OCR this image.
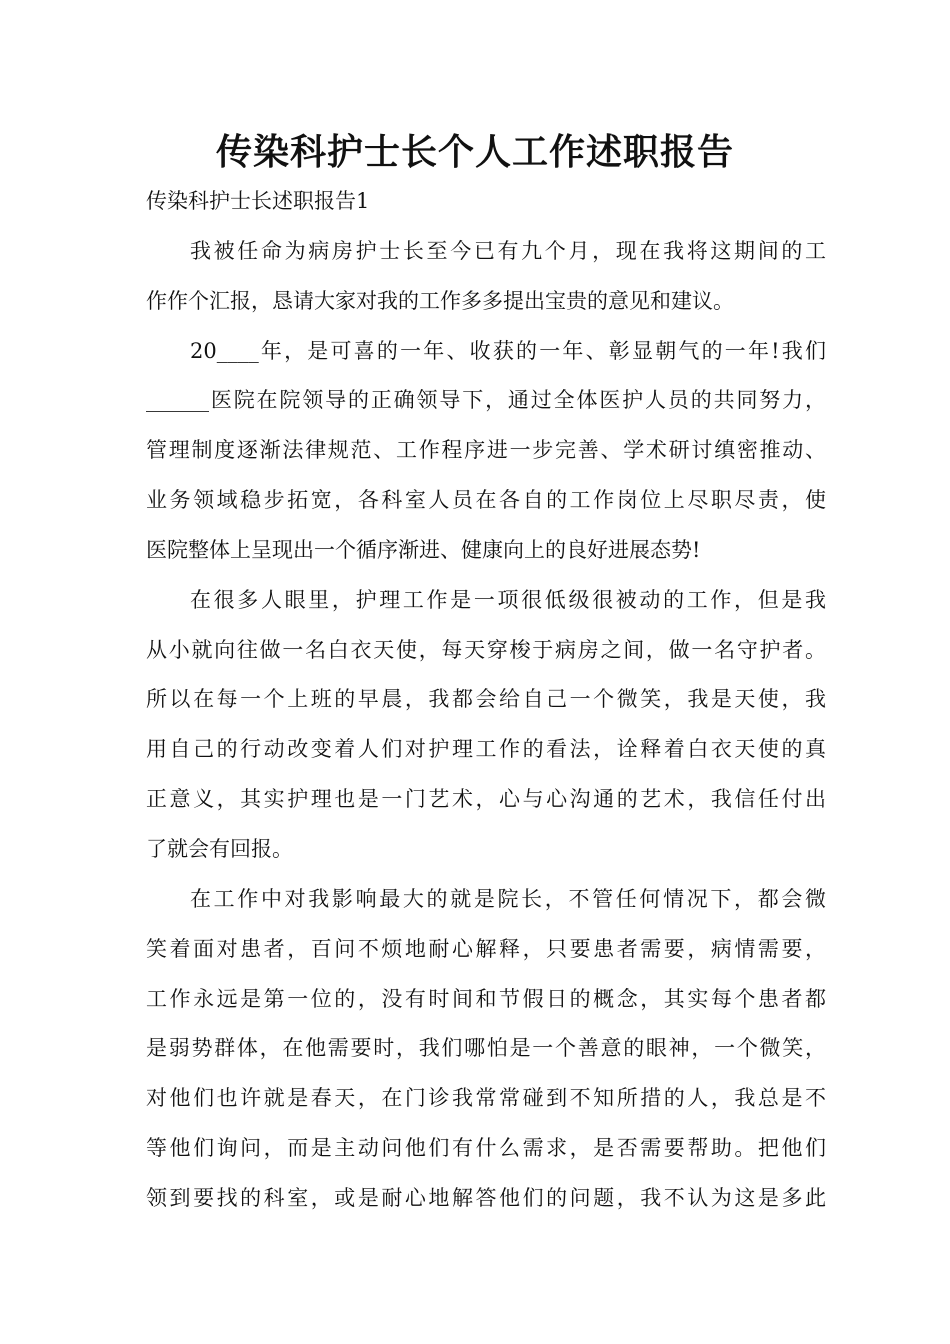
传染科护士长个人工作述职报告
传染科护士长述职报告1

我被任命为病房护士长至今已有九个月，现在我将这期间的工

作作个汇报，恳请大家对我的工作多多提出宝贵的意见和建议。

20____年，是可喜的一年、收获的一年、彰显朝气的一年!我们

______医院在院领导的正确领导下，通过全体医护人员的共同努力，

管理制度逐渐法律规范、工作程序进一步完善、学术研讨缜密推动、

业务领域稳步拓宽，各科室人员在各自的工作岗位上尽职尽责，使

医院整体上呈现出一个循序渐进、健康向上的良好进展态势!

在很多人眼里，护理工作是一项很低级很被动的工作，但是我

从小就向往做一名白衣天使，每天穿梭于病房之间，做一名守护者。

所以在每一个上班的早晨，我都会给自己一个微笑，我是天使，我

用自己的行动改变着人们对护理工作的看法，诠释着白衣天使的真

正意义，其实护理也是一门艺术，心与心沟通的艺术，我信任付出

了就会有回报。

在工作中对我影响最大的就是院长，不管任何情况下，都会微

笑着面对患者，百问不烦地耐心解释，只要患者需要，病情需要，

工作永远是第一位的，没有时间和节假日的概念，其实每个患者都

是弱势群体，在他需要时，我们哪怕是一个善意的眼神，一个微笑，

对他们也许就是春天，在门诊我常常碰到不知所措的人，我总是不

等他们询问，而是主动问他们有什么需求，是否需要帮助。把他们

领到要找的科室，或是耐心地解答他们的问题，我不认为这是多此
